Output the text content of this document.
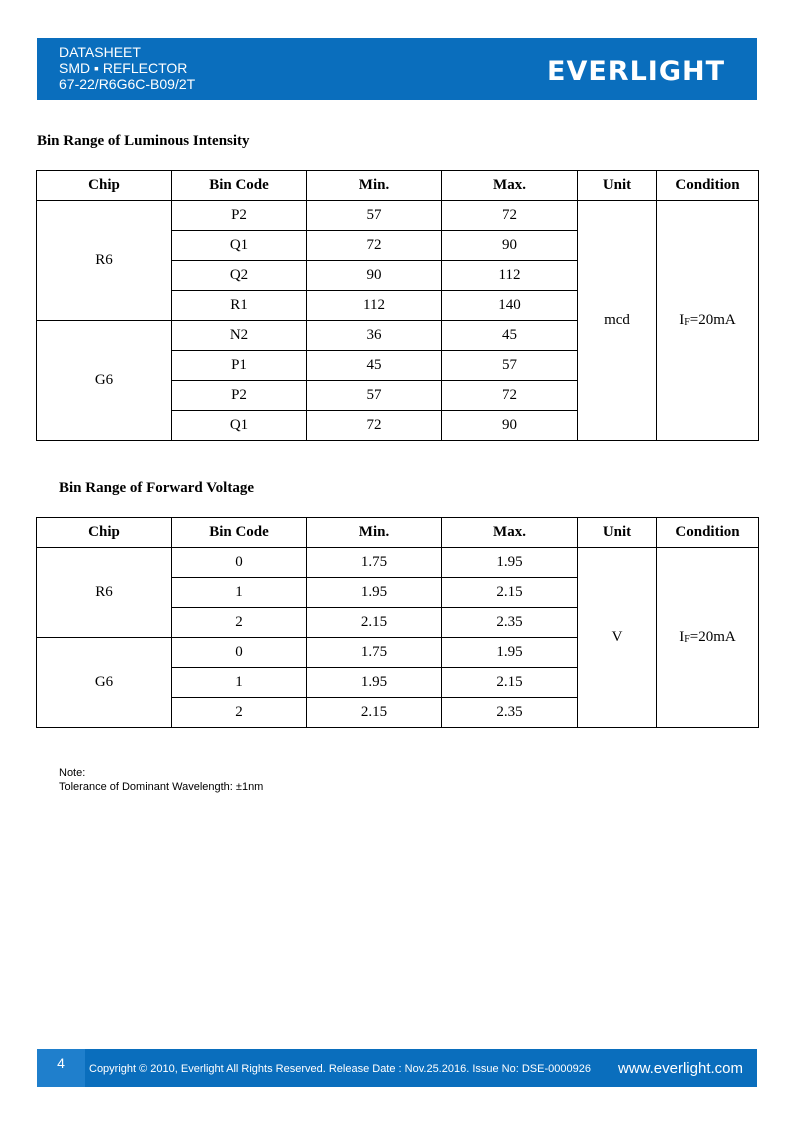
DATASHEET
SMD ▪ REFLECTOR
67-22/R6G6C-B09/2T	EVERLIGHT
Bin Range of Luminous Intensity
Chip	Bin Code	Min.	Max.	Unit	Condition
R6	P2	57	72	mcd	$I_F=20mA$
	Q1	72	90		
	Q2	90	112		
	R1	112	140		
G6	N2	36	45		
	P1	45	57		
	P2	57	72		
	Q1	72	90		
Bin Range of Forward Voltage
Chip	Bin Code	Min.	Max.	Unit	Condition
R6	0	1.75	1.95	V	$I_F=20mA$
	1	1.95	2.15		
	2	2.15	2.35		
G6	0	1.75	1.95		
	1	1.95	2.15		
	2	2.15	2.35		
Note:
Tolerance of Dominant Wavelength: ±1nm
4	Copyright © 2010, Everlight All Rights Reserved. Release Date : Nov.25.2016. Issue No: DSE-0000926 www.everlight.com
